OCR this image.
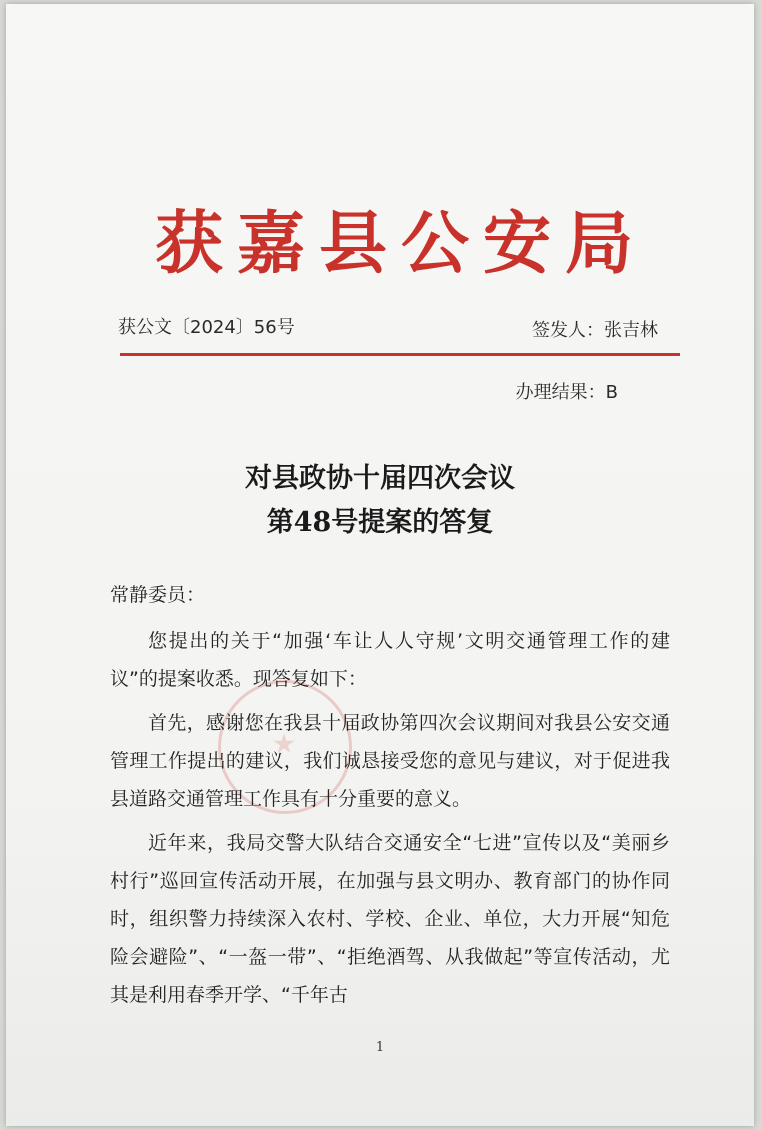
获嘉县公安局
获公文〔2024〕56号	签发人：张吉林
办理结果：B
对县政协十届四次会议
第48号提案的答复
常静委员：

您提出的关于“加强‘车让人人守规’文明交通管理工作的建议”的提案收悉。现答复如下：

首先，感谢您在我县十届政协第四次会议期间对我县公安交通管理工作提出的建议，我们诚恳接受您的意见与建议，对于促进我县道路交通管理工作具有十分重要的意义。

近年来，我局交警大队结合交通安全“七进”宣传以及“美丽乡村行”巡回宣传活动开展，在加强与县文明办、教育部门的协作同时，组织警力持续深入农村、学校、企业、单位，大力开展“知危险会避险”、“一盔一带”、“拒绝酒驾、从我做起”等宣传活动，尤其是利用春季开学、“千年古

1
